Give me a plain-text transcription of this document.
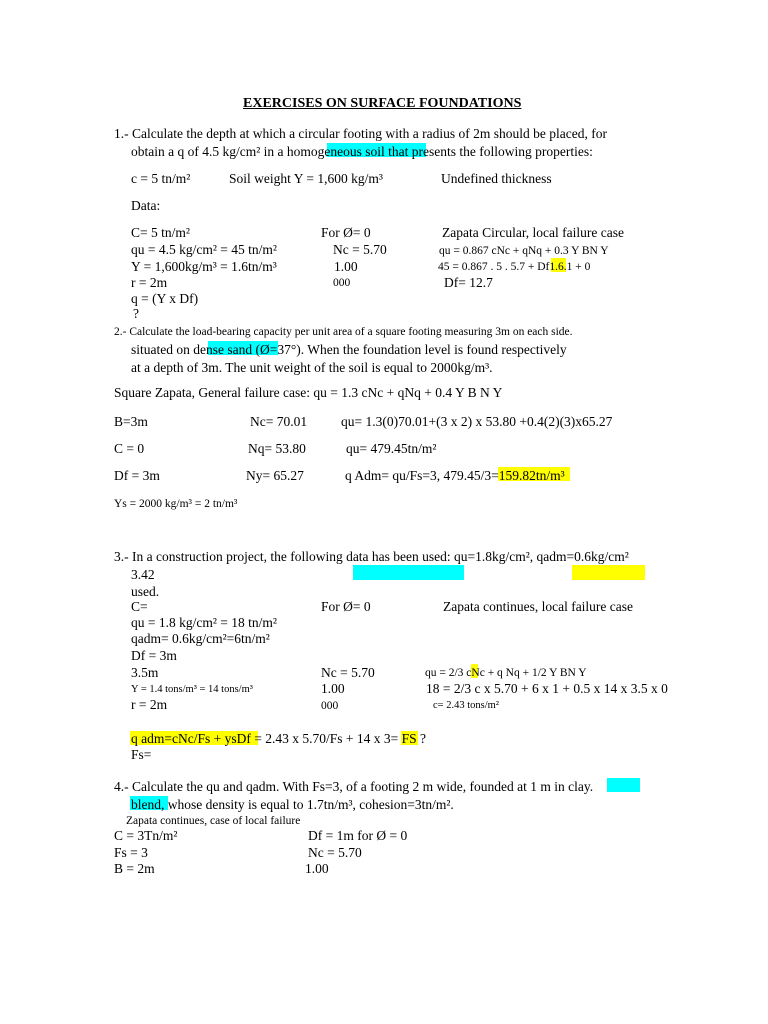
EXERCISES ON SURFACE FOUNDATIONS
1.- Calculate the depth at which a circular footing with a radius of 2m should be placed, for
obtain a q of 4.5 kg/cm² in a homogeneous soil that presents the following properties:
c = 5 tn/m²	Soil weight Y = 1,600 kg/m³	Undefined thickness
Data:
C= 5 tn/m²
qu = 4.5 kg/cm² = 45 tn/m²
Y = 1,600kg/m³ = 1.6tn/m³
r = 2m
q = (Y x Df)
?
For Ø= 0
Nc = 5.70
1.00
000
Zapata Circular, local failure case
qu = 0.867 cNc + qNq + 0.3 Y BN Y
45 = 0.867 . 5 . 5.7 + Df1.6.1 + 0
Df= 12.7
2.- Calculate the load-bearing capacity per unit area of a square footing measuring 3m on each side.
situated on dense sand (Ø=37°). When the foundation level is found respectively
at a depth of 3m. The unit weight of the soil is equal to 2000kg/m³.
Square Zapata, General failure case: qu = 1.3 cNc + qNq + 0.4 Y B N Y
B=3m
C = 0
Df = 3m
Nc= 70.01
Nq= 53.80
Ny= 65.27
qu= 1.3(0)70.01+(3 x 2) x 53.80 +0.4(2)(3)x65.27
qu= 479.45tn/m²
q Adm= qu/Fs=3, 479.45/3=159.82tn/m³
Ys = 2000 kg/m³ = 2 tn/m³
3.- In a construction project, the following data has been used: qu=1.8kg/cm², qadm=0.6kg/cm²
3.42
used.
C=
qu = 1.8 kg/cm² = 18 tn/m²
qadm= 0.6kg/cm²=6tn/m²
Df = 3m
3.5m
Y = 1.4 tons/m³ = 14 tons/m³
r = 2m
For Ø= 0
Nc = 5.70
1.00
000
Zapata continues, local failure case
qu = 2/3 cNc + q Nq + 1/2 Y BN Y
18 = 2/3 c x 5.70 + 6 x 1 + 0.5 x 14 x 3.5 x 0
c= 2.43 tons/m²
q adm=cNc/Fs + ysDf = 2.43 x 5.70/Fs + 14 x 3= FS ?
Fs=
4.- Calculate the qu and qadm. With Fs=3, of a footing 2 m wide, founded at 1 m in clay.
blend, whose density is equal to 1.7tn/m³, cohesion=3tn/m².
Zapata continues, case of local failure
C = 3Tn/m²
Fs = 3
B = 2m
Df = 1m for Ø = 0
Nc = 5.70
1.00
